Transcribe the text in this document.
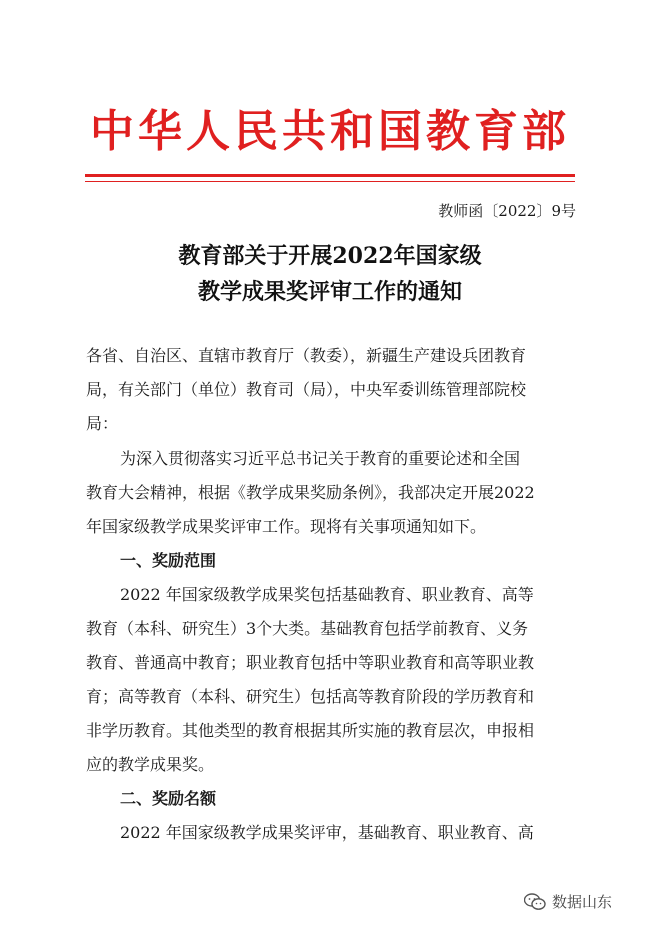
中华人民共和国教育部
教师函〔2022〕9号
教育部关于开展2022年国家级
教学成果奖评审工作的通知
各省、自治区、直辖市教育厅（教委），新疆生产建设兵团教育
局，有关部门（单位）教育司（局），中央军委训练管理部院校
局：
为深入贯彻落实习近平总书记关于教育的重要论述和全国
教育大会精神，根据《教学成果奖励条例》，我部决定开展2022
年国家级教学成果奖评审工作。现将有关事项通知如下。
一、奖励范围
2022 年国家级教学成果奖包括基础教育、职业教育、高等
教育（本科、研究生）3个大类。基础教育包括学前教育、义务
教育、普通高中教育；职业教育包括中等职业教育和高等职业教
育；高等教育（本科、研究生）包括高等教育阶段的学历教育和
非学历教育。其他类型的教育根据其所实施的教育层次，申报相
应的教学成果奖。
二、奖励名额
2022 年国家级教学成果奖评审，基础教育、职业教育、高
数据山东
